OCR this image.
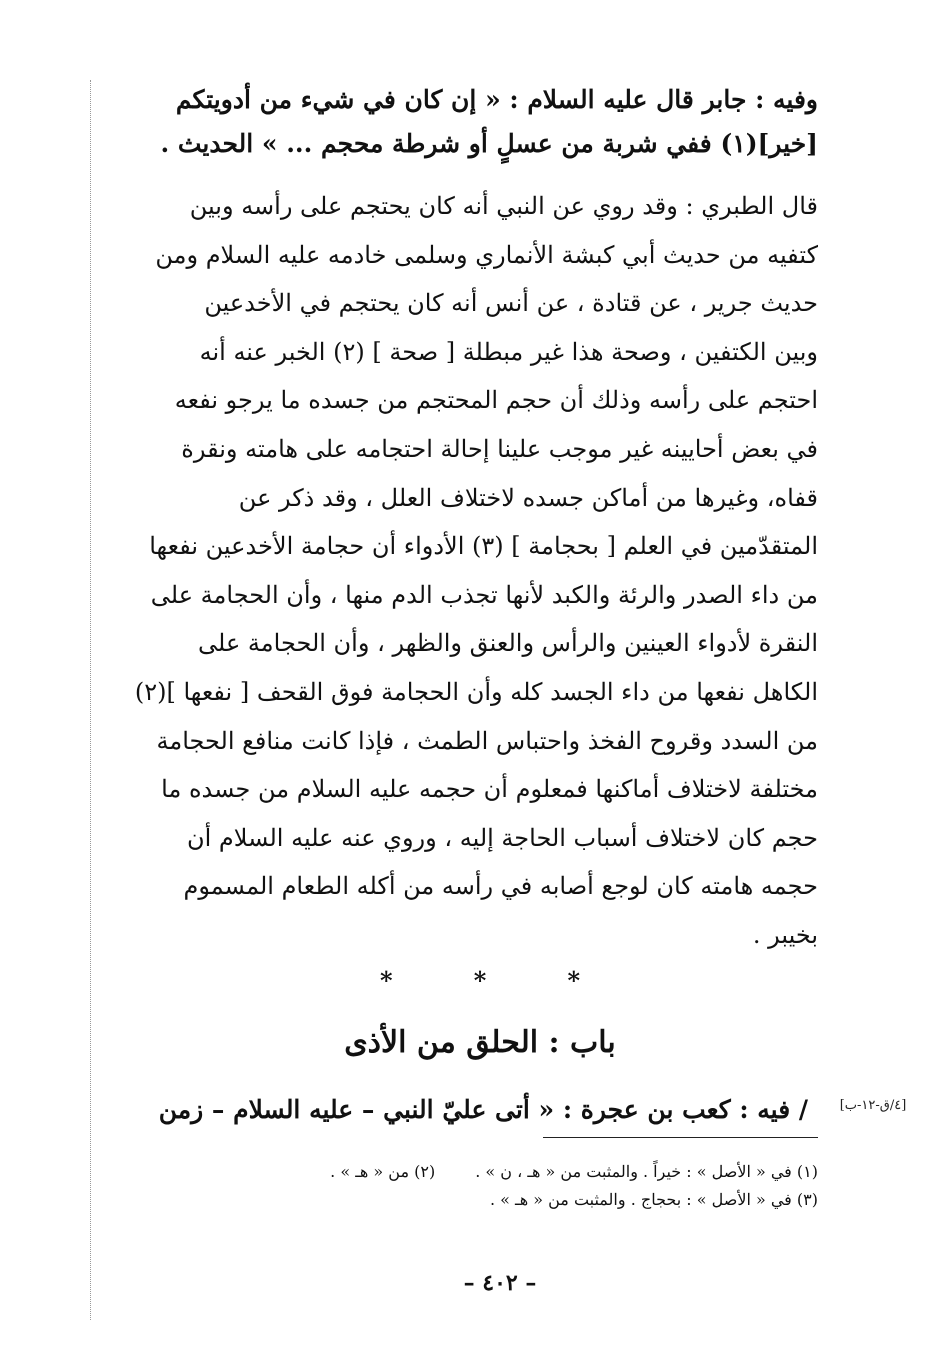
وفيه : جابر قال عليه السلام : « إن كان في شيء من أدويتكم
[خير](١) ففي شربة من عسلٍ أو شرطة محجم ... » الحديث .
قال الطبري : وقد روي عن النبي أنه كان يحتجم على رأسه وبين
كتفيه من حديث أبي كبشة الأنماري وسلمى خادمه عليه السلام ومن
حديث جرير ، عن قتادة ، عن أنس أنه كان يحتجم في الأخدعين
وبين الكتفين ، وصحة هذا غير مبطلة [ صحة ] (٢) الخبر عنه أنه
احتجم على رأسه وذلك أن حجم المحتجم من جسده ما يرجو نفعه
في بعض أحايينه غير موجب علينا إحالة احتجامه على هامته ونقرة
قفاه، وغيرها من أماكن جسده لاختلاف العلل ، وقد ذكر عن
المتقدّمين في العلم [ بحجامة ] (٣) الأدواء أن حجامة الأخدعين نفعها
من داء الصدر والرئة والكبد لأنها تجذب الدم منها ، وأن الحجامة على
النقرة لأدواء العينين والرأس والعنق والظهر ، وأن الحجامة على
الكاهل نفعها من داء الجسد كله وأن الحجامة فوق القحف [ نفعها ](٢)
من السدد وقروح الفخذ واحتباس الطمث ، فإذا كانت منافع الحجامة
مختلفة لاختلاف أماكنها فمعلوم أن حجمه عليه السلام من جسده ما
حجم كان لاختلاف أسباب الحاجة إليه ، وروي عنه عليه السلام أن
حجمه هامته كان لوجع أصابه في رأسه من أكله الطعام المسموم
بخيبر .
*
*
*
باب : الحلق من الأذى
[٤/ق-١٢-ب]
/ فيه : كعب بن عجرة : « أتى عليّ النبي – عليه السلام – زمن
(١) في « الأصل » : خيراً . والمثبت من « هـ ، ن » .
(٢) من « هـ » .
(٣) في « الأصل » : بحجاج . والمثبت من « هـ » .
– ٤٠٢ –
